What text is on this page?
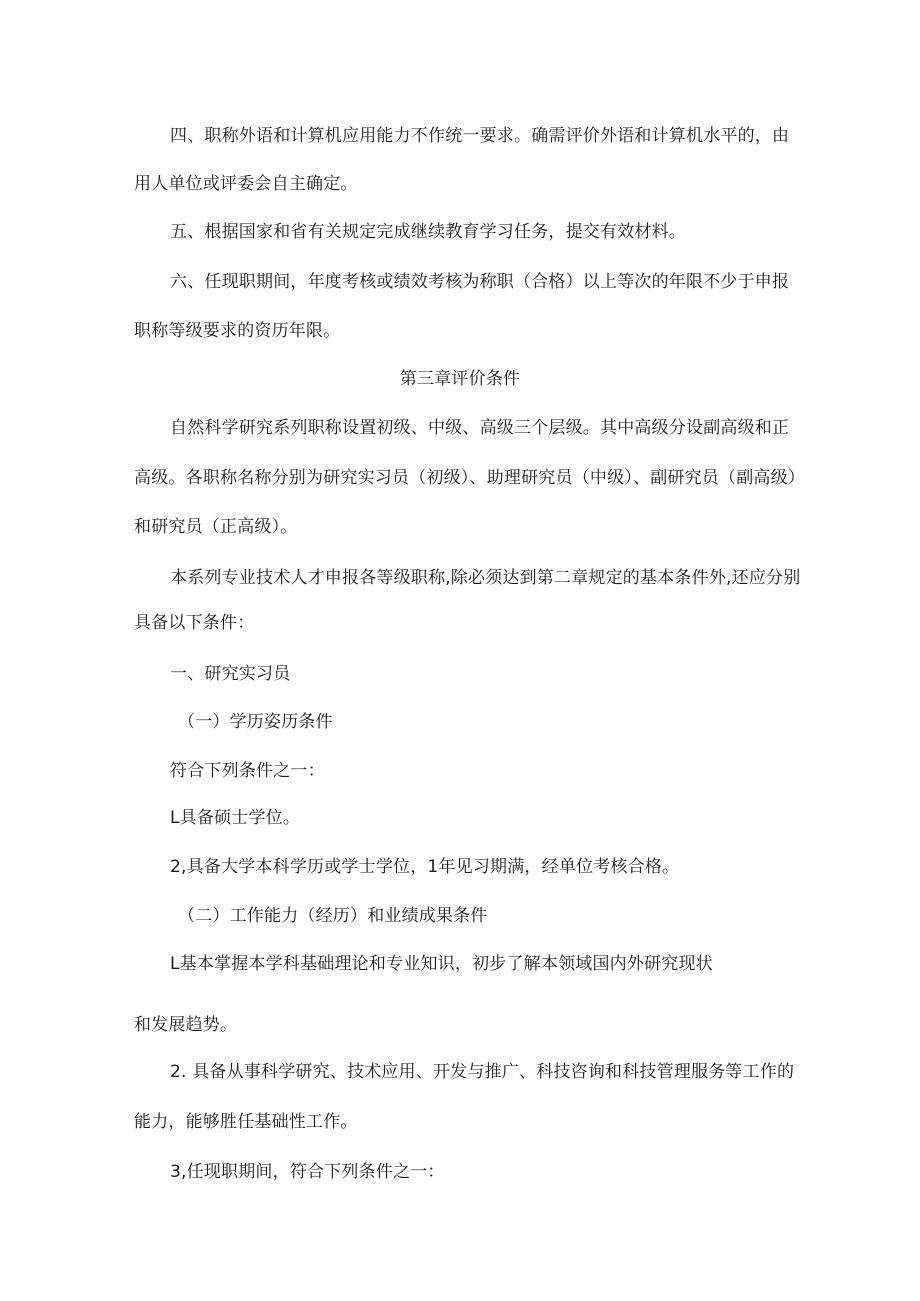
四、职称外语和计算机应用能力不作统一要求。确需评价外语和计算机水平的，由
用人单位或评委会自主确定。
五、根据国家和省有关规定完成继续教育学习任务，提交有效材料。
六、任现职期间，年度考核或绩效考核为称职（合格）以上等次的年限不少于申报
职称等级要求的资历年限。
第三章评价条件
自然科学研究系列职称设置初级、中级、高级三个层级。其中高级分设副高级和正
高级。各职称名称分别为研究实习员（初级）、助理研究员（中级）、副研究员（副高级）
和研究员（正高级）。
本系列专业技术人才申报各等级职称,除必须达到第二章规定的基本条件外,还应分别
具备以下条件：
一、研究实习员
（一）学历姿历条件
符合下列条件之一：
L具备硕士学位。
2,具备大学本科学历或学士学位，1年见习期满，经单位考核合格。
（二）工作能力（经历）和业绩成果条件
L基本掌握本学科基础理论和专业知识，初步了解本领域国内外研究现状
和发展趋势。
2. 具备从事科学研究、技术应用、开发与推广、科技咨询和科技管理服务等工作的
能力，能够胜任基础性工作。
3,任现职期间，符合下列条件之一：
